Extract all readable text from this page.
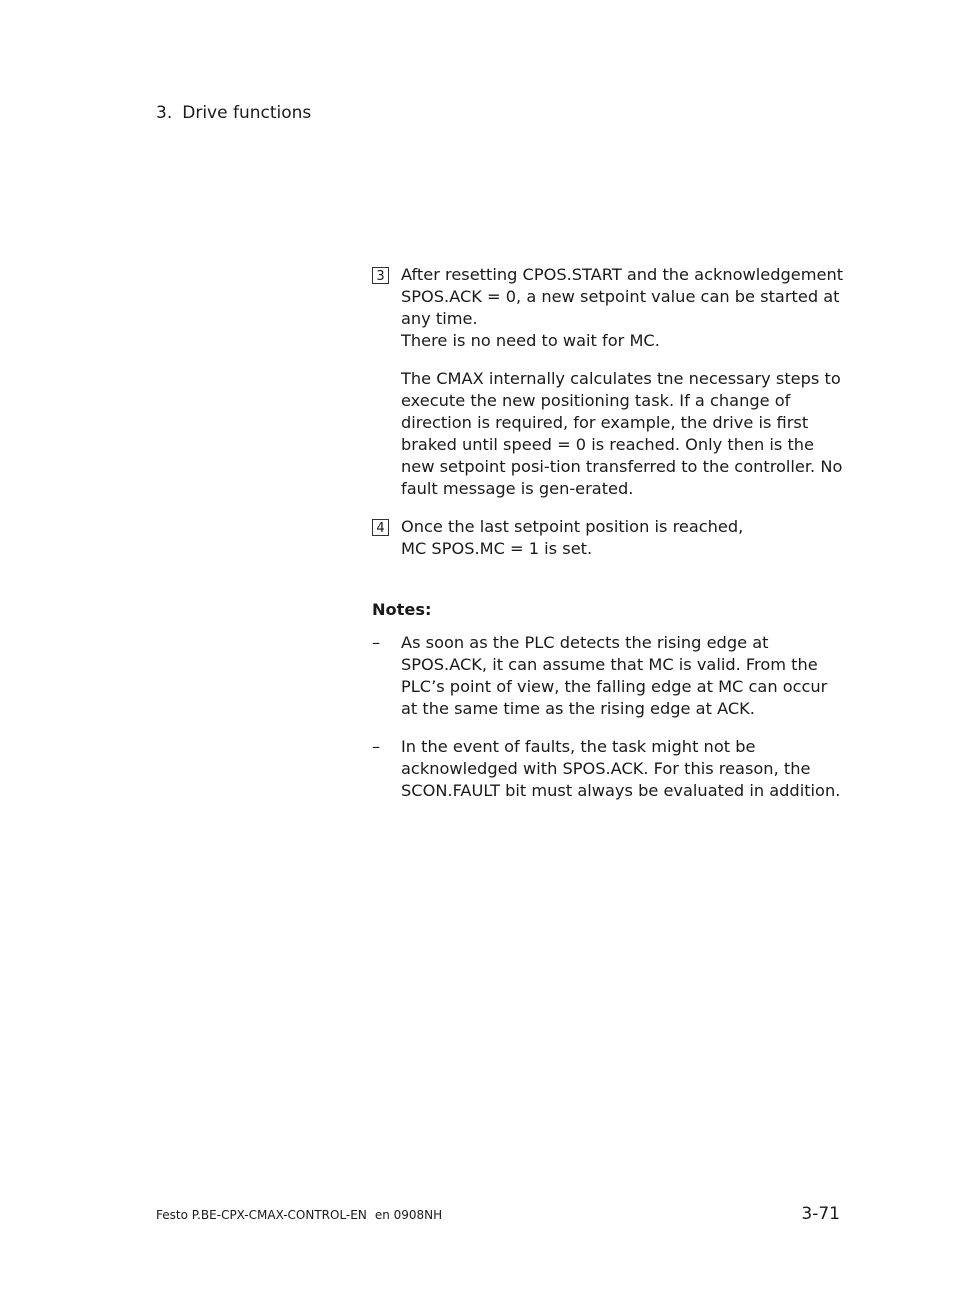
3. Drive functions
3 After resetting CPOS.START and the acknowledgement SPOS.ACK = 0, a new setpoint value can be started at any time.

There is no need to wait for MC.

The CMAX internally calculates tne necessary steps to execute the new positioning task. If a change of direction is required, for example, the drive is first braked until speed = 0 is reached. Only then is the new setpoint posi-tion transferred to the controller. No fault message is gen-erated.
4 Once the last setpoint position is reached,

MC SPOS.MC = 1 is set.

Notes:
– As soon as the PLC detects the rising edge at SPOS.ACK, it can assume that MC is valid. From the PLC’s point of view, the falling edge at MC can occur at the same time as the rising edge at ACK.
– In the event of faults, the task might not be acknowledged with SPOS.ACK. For this reason, the SCON.FAULT bit must always be evaluated in addition.
Festo P.BE-CPX-CMAX-CONTROL-EN en 0908NH	3-71
